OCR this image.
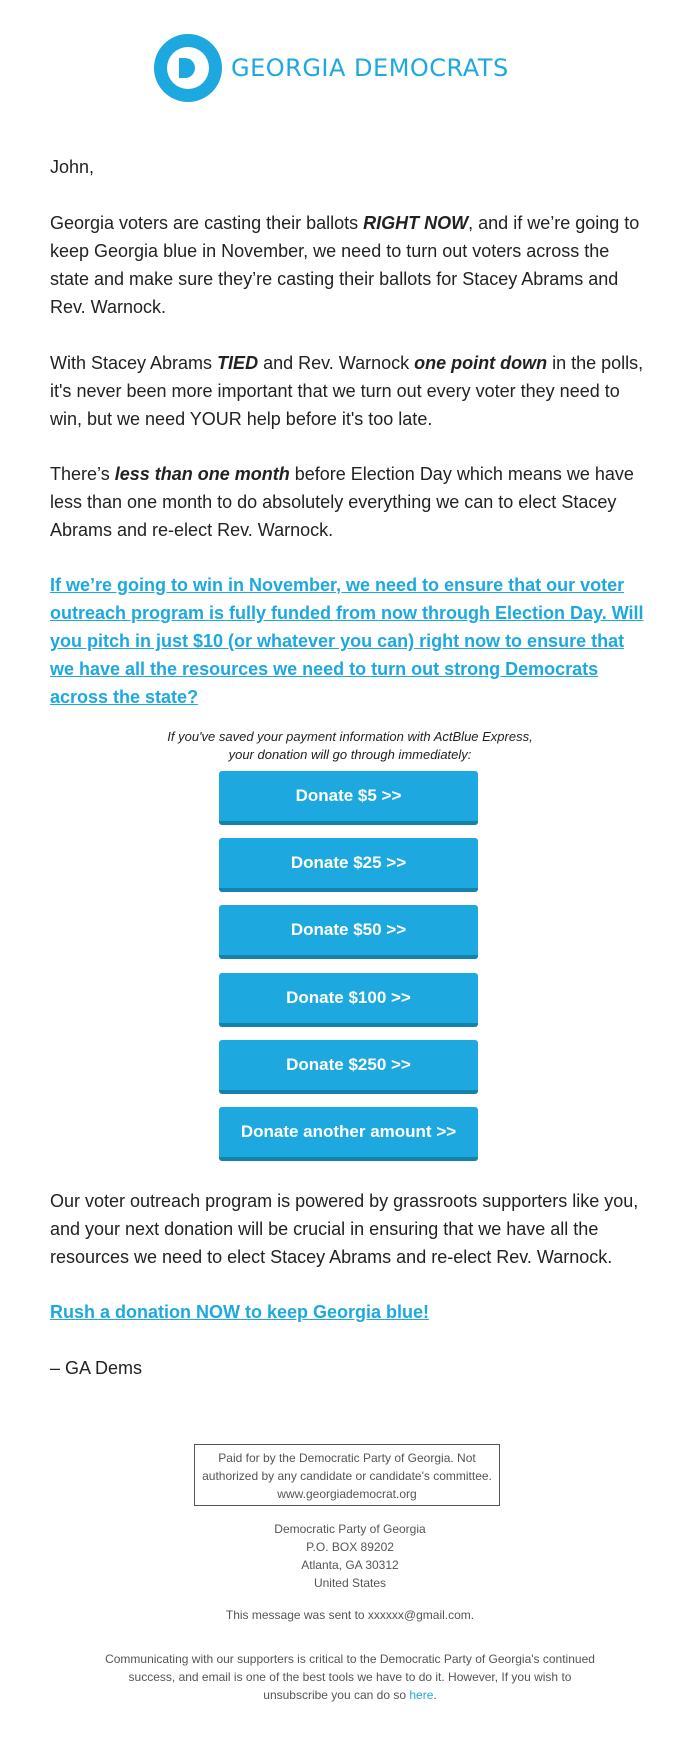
GEORGIA DEMOCRATS

John,

Georgia voters are casting their ballots RIGHT NOW, and if we’re going to keep Georgia blue in November, we need to turn out voters across the state and make sure they’re casting their ballots for Stacey Abrams and Rev. Warnock.

With Stacey Abrams TIED and Rev. Warnock one point down in the polls, it's never been more important that we turn out every voter they need to win, but we need YOUR help before it's too late.

There’s less than one month before Election Day which means we have less than one month to do absolutely everything we can to elect Stacey Abrams and re-elect Rev. Warnock.

If we’re going to win in November, we need to ensure that our voter outreach program is fully funded from now through Election Day. Will you pitch in just $10 (or whatever you can) right now to ensure that we have all the resources we need to turn out strong Democrats across the state?

If you've saved your payment information with ActBlue Express,
your donation will go through immediately:
Donate $5 >>
Donate $25 >>
Donate $50 >>
Donate $100 >>
Donate $250 >>
Donate another amount >>

Our voter outreach program is powered by grassroots supporters like you, and your next donation will be crucial in ensuring that we have all the resources we need to elect Stacey Abrams and re-elect Rev. Warnock.

Rush a donation NOW to keep Georgia blue!

– GA Dems

Paid for by the Democratic Party of Georgia. Not
authorized by any candidate or candidate's committee.
www.georgiademocrat.org
Democratic Party of Georgia
P.O. BOX 89202
Atlanta, GA 30312
United States
This message was sent to xxxxxx@gmail.com.
Communicating with our supporters is critical to the Democratic Party of Georgia's continued
success, and email is one of the best tools we have to do it. However, If you wish to
unsubscribe you can do so here.
